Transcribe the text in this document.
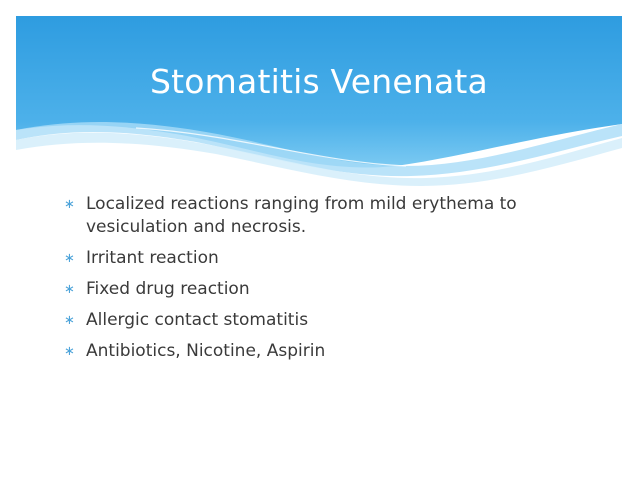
Stomatitis Venenata
∗ Localized reactions ranging from mild erythema to vesiculation and necrosis.
∗ Irritant reaction
∗ Fixed drug reaction
∗ Allergic contact stomatitis
∗ Antibiotics, Nicotine, Aspirin
